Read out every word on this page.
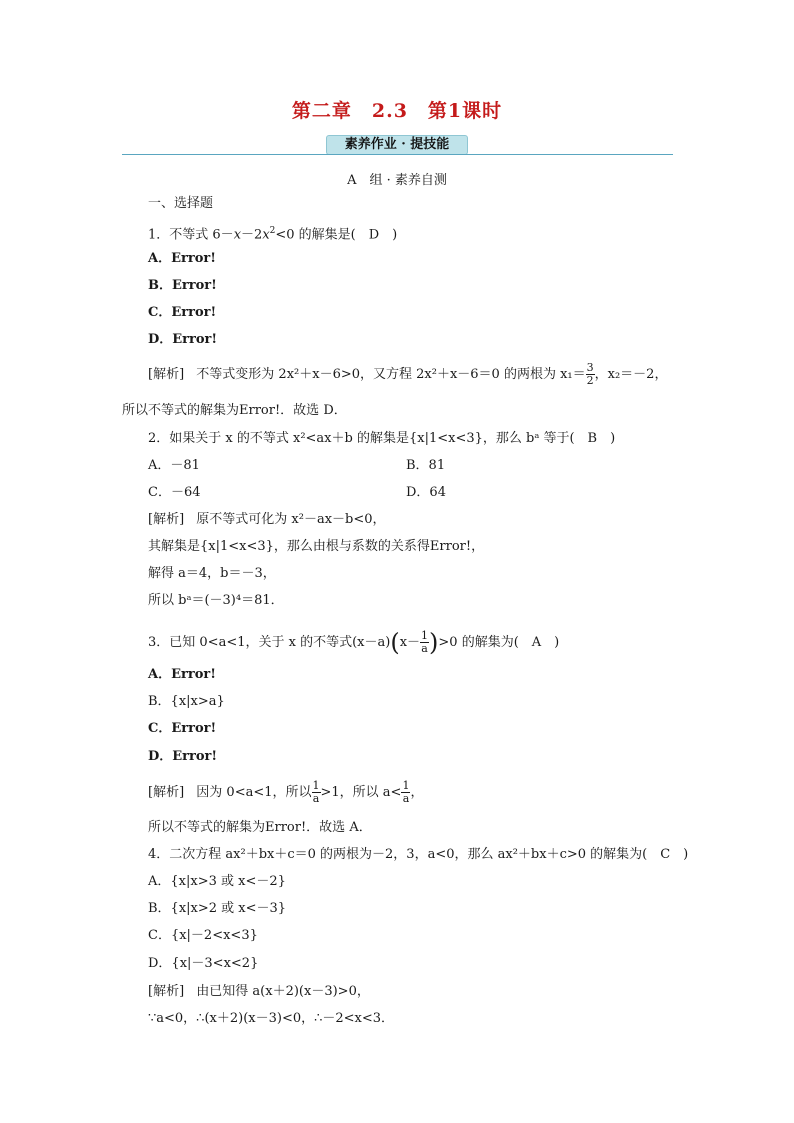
第二章　2.3　第1课时
素养作业 · 提技能
A　组 · 素养自测
一、选择题
1．不等式 $6-x-2x^2<0$ 的解集是(　D　)
A．Error!
B．Error!
C．Error!
D．Error!
[解析] 不等式变形为 2x²＋x－6>0，又方程 2x²＋x－6＝0 的两根为 $x_1= \frac{3}{2}$ ，x₂＝－2，
所以不等式的解集为Error!．故选 D．
2．如果关于 x 的不等式 x²<ax＋b 的解集是{x|1<x<3}，那么 bᵃ 等于(　B　)
A．－81	B．81
C．－64	D．64
[解析] 原不等式可化为 x²－ax－b<0，
其解集是{x|1<x<3}，那么由根与系数的关系得Error!，
解得 a＝4，b＝－3，
所以 bᵃ＝(－3)⁴＝81．
3．已知 0<a<1，关于 x 的不等式$(x-a)(x- \frac{1}{a} )>0$ 的解集为(　A　)
A．Error!
B．{x|x>a}
C．Error!
D．Error!
[解析] 因为 0<a<1，所以 $\frac{1}{a} >1$，所以 $a< \frac{1}{a}$ ，
所以不等式的解集为Error!．故选 A．
4．二次方程 ax²＋bx＋c＝0 的两根为－2，3，a<0，那么 ax²＋bx＋c>0 的解集为(　C　)
A．{x|x>3 或 x<－2}
B．{x|x>2 或 x<－3}
C．{x|－2<x<3}
D．{x|－3<x<2}
[解析] 由已知得 a(x＋2)(x－3)>0，
∵a<0，∴(x＋2)(x－3)<0，∴－2<x<3．
